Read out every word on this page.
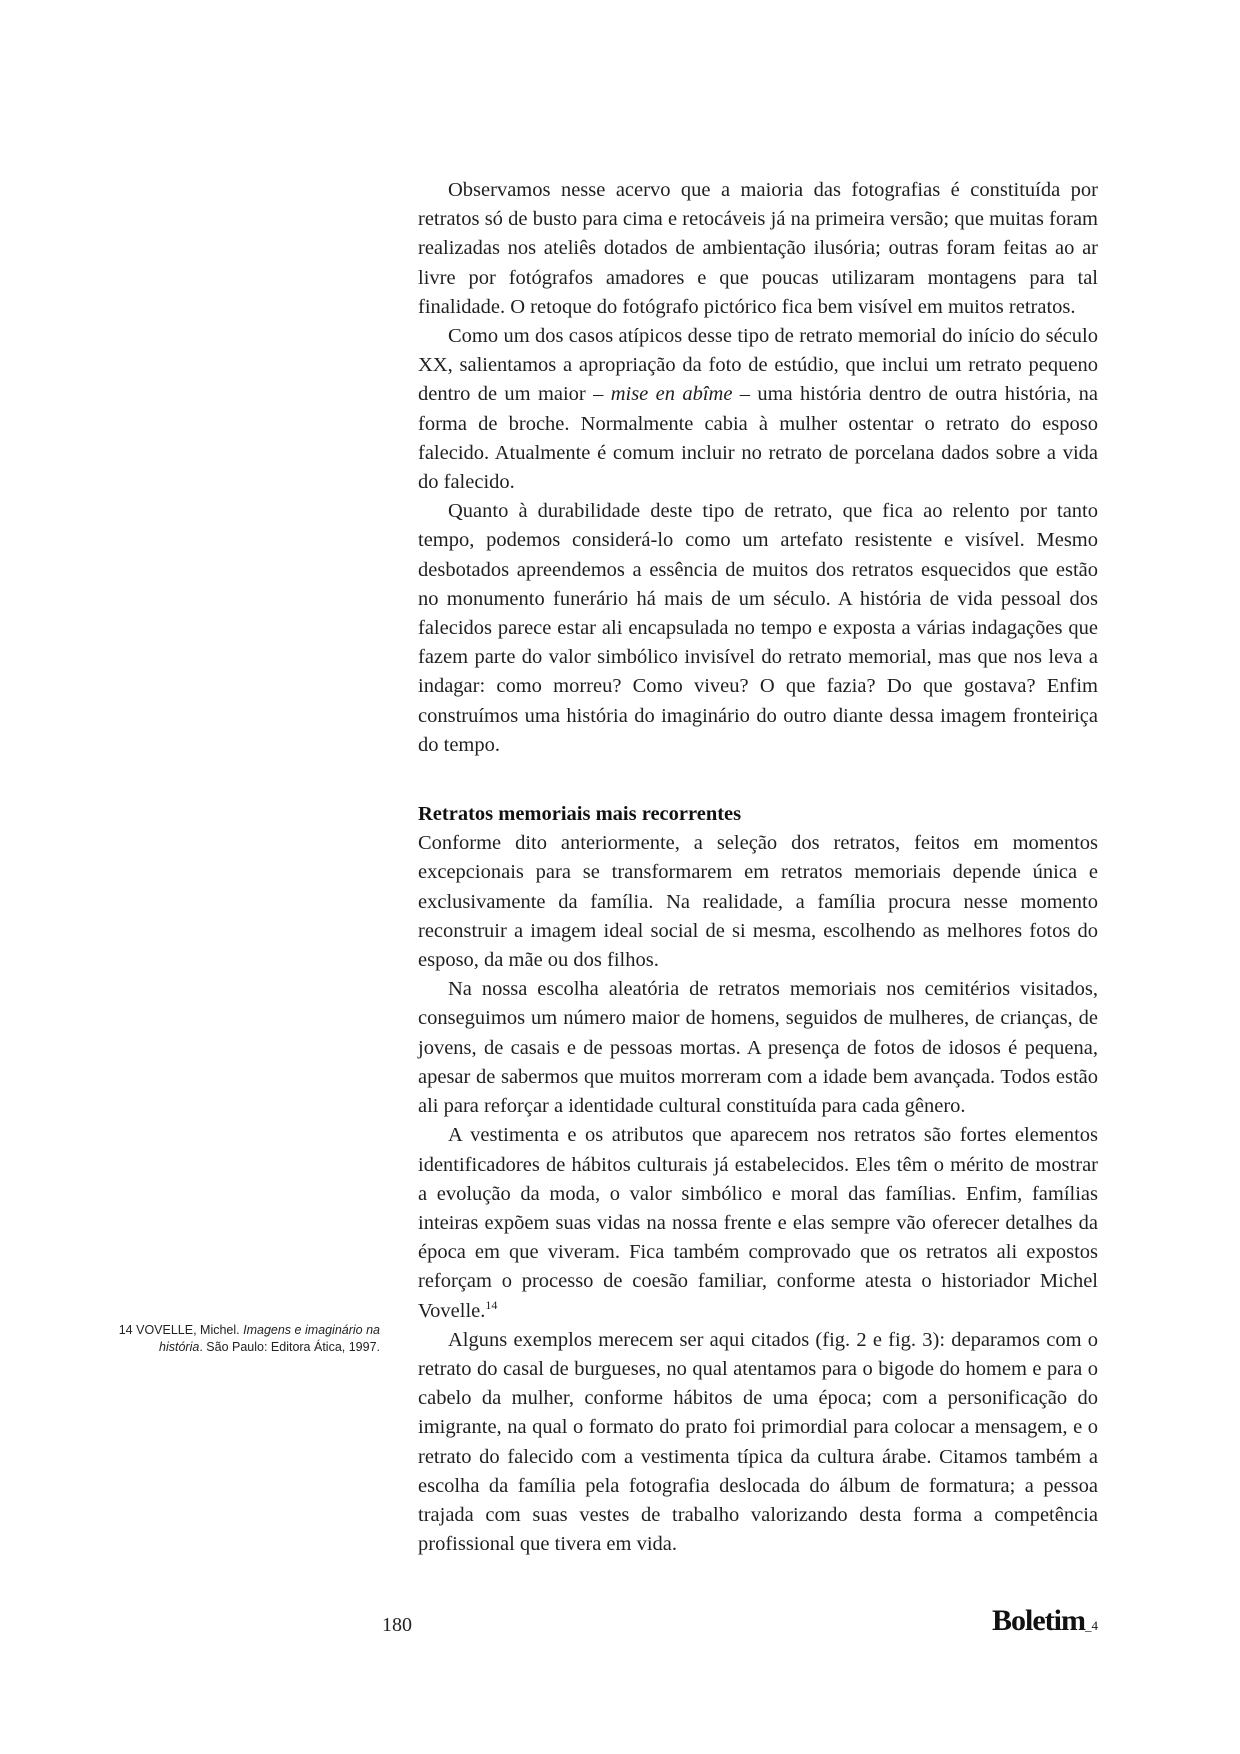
Observamos nesse acervo que a maioria das fotografias é constituída por retratos só de busto para cima e retocáveis já na primeira versão; que muitas foram realizadas nos ateliês dotados de ambientação ilusória; outras foram feitas ao ar livre por fotógrafos amadores e que poucas utilizaram montagens para tal finalidade. O retoque do fotógrafo pictórico fica bem visível em muitos retratos.

Como um dos casos atípicos desse tipo de retrato memorial do início do século XX, salientamos a apropriação da foto de estúdio, que inclui um retrato pequeno dentro de um maior – mise en abîme – uma história dentro de outra história, na forma de broche. Normalmente cabia à mulher ostentar o retrato do esposo falecido. Atualmente é comum incluir no retrato de porcelana dados sobre a vida do falecido.

Quanto à durabilidade deste tipo de retrato, que fica ao relento por tanto tempo, podemos considerá-lo como um artefato resistente e visível. Mesmo desbotados apreendemos a essência de muitos dos retratos esquecidos que estão no monumento funerário há mais de um século. A história de vida pessoal dos falecidos parece estar ali encapsulada no tempo e exposta a várias indagações que fazem parte do valor simbólico invisível do retrato memorial, mas que nos leva a indagar: como morreu? Como viveu? O que fazia? Do que gostava? Enfim construímos uma história do imaginário do outro diante dessa imagem fronteiriça do tempo.

Retratos memoriais mais recorrentes

Conforme dito anteriormente, a seleção dos retratos, feitos em momentos excepcionais para se transformarem em retratos memoriais depende única e exclusivamente da família. Na realidade, a família procura nesse momento reconstruir a imagem ideal social de si mesma, escolhendo as melhores fotos do esposo, da mãe ou dos filhos.

Na nossa escolha aleatória de retratos memoriais nos cemitérios visitados, conseguimos um número maior de homens, seguidos de mulheres, de crianças, de jovens, de casais e de pessoas mortas. A presença de fotos de idosos é pequena, apesar de sabermos que muitos morreram com a idade bem avançada. Todos estão ali para reforçar a identidade cultural constituída para cada gênero.

A vestimenta e os atributos que aparecem nos retratos são fortes elementos identificadores de hábitos culturais já estabelecidos. Eles têm o mérito de mostrar a evolução da moda, o valor simbólico e moral das famílias. Enfim, famílias inteiras expõem suas vidas na nossa frente e elas sempre vão oferecer detalhes da época em que viveram. Fica também comprovado que os retratos ali expostos reforçam o processo de coesão familiar, conforme atesta o historiador Michel Vovelle.$^{14}$

Alguns exemplos merecem ser aqui citados (fig. 2 e fig. 3): deparamos com o retrato do casal de burgueses, no qual atentamos para o bigode do homem e para o cabelo da mulher, conforme hábitos de uma época; com a personificação do imigrante, na qual o formato do prato foi primordial para colocar a mensagem, e o retrato do falecido com a vestimenta típica da cultura árabe. Citamos também a escolha da família pela fotografia deslocada do álbum de formatura; a pessoa trajada com suas vestes de trabalho valorizando desta forma a competência profissional que tivera em vida.

14 VOVELLE, Michel. Imagens e imaginário na história. São Paulo: Editora Ática, 1997.
180	Boletim_4
